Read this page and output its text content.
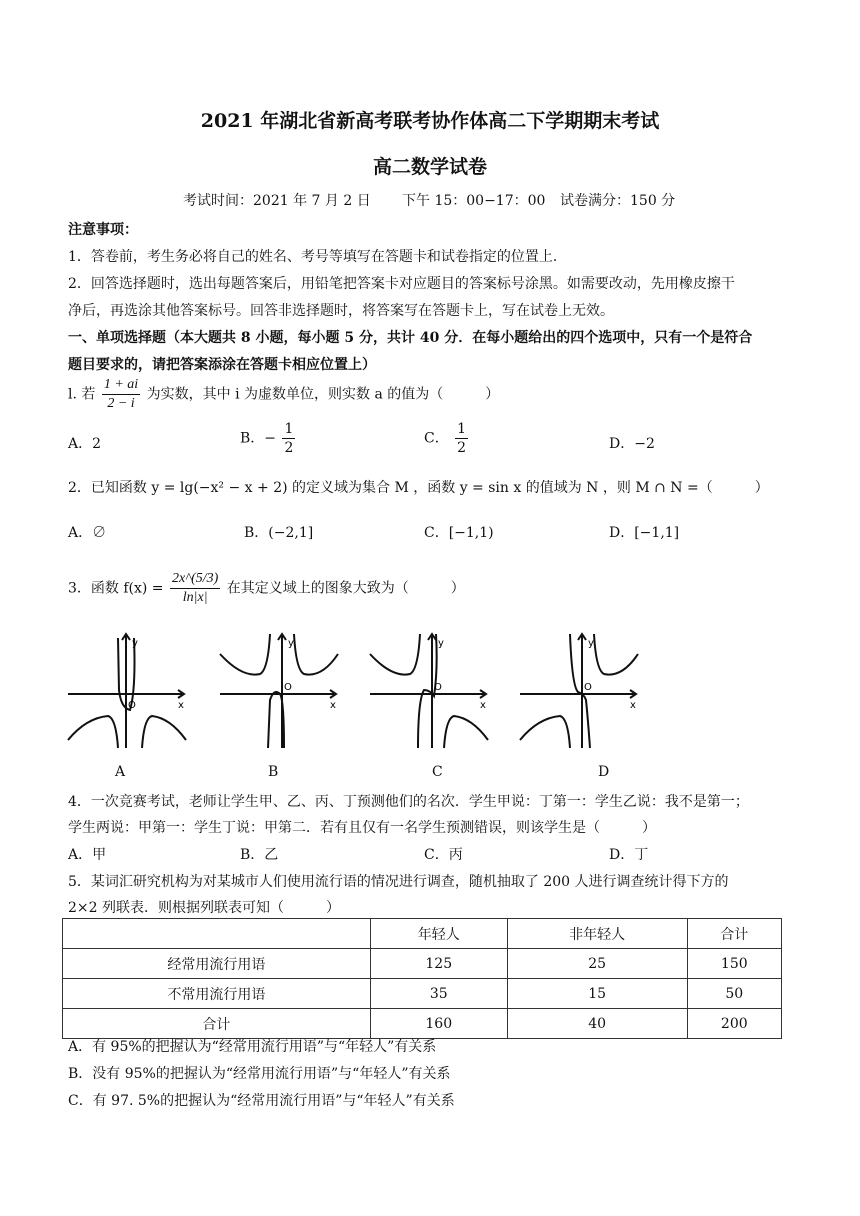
2021 年湖北省新高考联考协作体高二下学期期末考试
高二数学试卷
考试时间：2021 年 7 月 2 日 下午 15：00−17：00 试卷满分：150 分
注意事项：
1．答卷前，考生务必将自己的姓名、考号等填写在答题卡和试卷指定的位置上．
2．回答选择题时，选出每题答案后，用铅笔把答案卡对应题目的答案标号涂黑。如需要改动，先用橡皮擦干
净后，再选涂其他答案标号。回答非选择题时，将答案写在答题卡上，写在试卷上无效。
一、单项选择题（本大题共 8 小题，每小题 5 分，共计 40 分．在每小题给出的四个选项中，只有一个是符合
题目要求的，请把答案添涂在答题卡相应位置上）
l. 若 $\frac{1 + ai}{2 - i}$ 为实数，其中 i 为虚数单位，则实数 a 的值为（　　　）
A．2	B．− $\frac{1}{2}$	C． $\frac{1}{2}$	D．−2
2．已知函数 y = lg(−x² − x + 2) 的定义域为集合 M ，函数 y = sin x 的值域为 N ，则 M ∩ N =（　　　）
A．∅	B．(−2,1]	C．[−1,1)	D．[−1,1]
3．函数 $f(x) = \frac{2x\^{}(5/3)}{\ln|x|}$ 在其定义域上的图象大致为（　　　）
y
x
O
y
x
O
y
x
O
y
x
O
A	B	C	D
4．一次竞赛考试，老师让学生甲、乙、丙、丁预测他们的名次．学生甲说：丁第一：学生乙说：我不是第一；
学生两说：甲第一：学生丁说：甲第二．若有且仅有一名学生预测错误，则该学生是（　　　）
A．甲	B．乙	C．丙	D．丁
5．某词汇研究机构为对某城市人们使用流行语的情况进行调查，随机抽取了 200 人进行调查统计得下方的
2×2 列联表．则根据列联表可知（　　　）
	年轻人	非年轻人	合计
经常用流行用语	125	25	150
不常用流行用语	35	15	50
合计	160	40	200
A．有 95%的把握认为“经常用流行用语”与“年轻人”有关系
B．没有 95%的把握认为“经常用流行用语”与“年轻人”有关系
C．有 97. 5%的把握认为“经常用流行用语”与“年轻人”有关系
